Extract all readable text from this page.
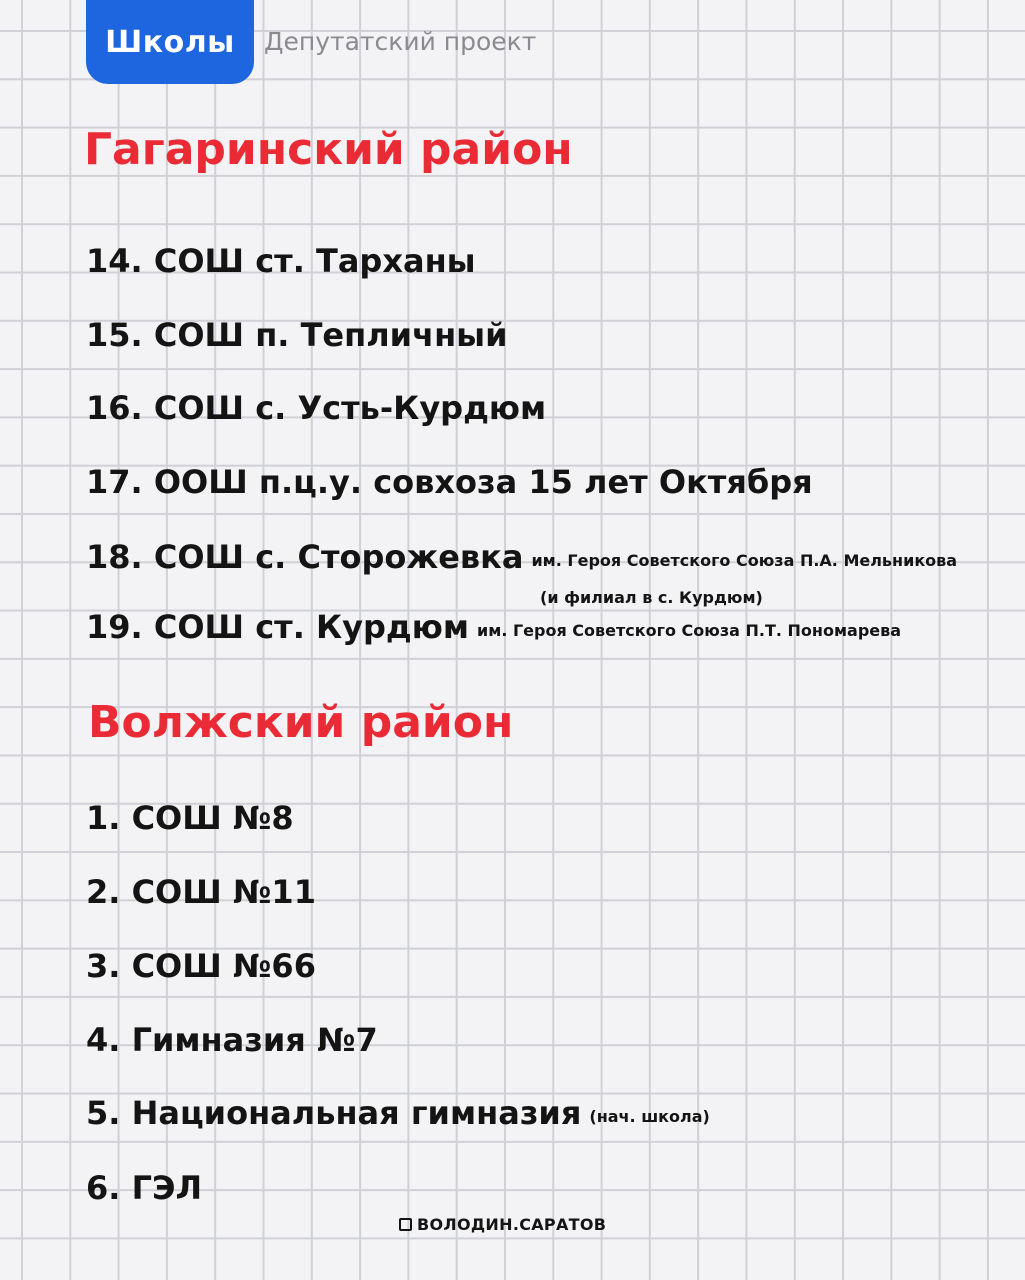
Школы Депутатский проект
Гагаринский район
14. СОШ ст. Тарханы
15. СОШ п. Тепличный
16. СОШ с. Усть-Курдюм
17. ООШ п.ц.у. совхоза 15 лет Октября
18. СОШ с. Сторожевка им. Героя Советского Союза П.А. Мельникова
(и филиал в с. Курдюм)
19. СОШ ст. Курдюм им. Героя Советского Союза П.Т. Пономарева
Волжский район
1. СОШ №8
2. СОШ №11
3. СОШ №66
4. Гимназия №7
5. Национальная гимназия (нач. школа)
6. ГЭЛ
ВОЛОДИН.САРАТОВ
